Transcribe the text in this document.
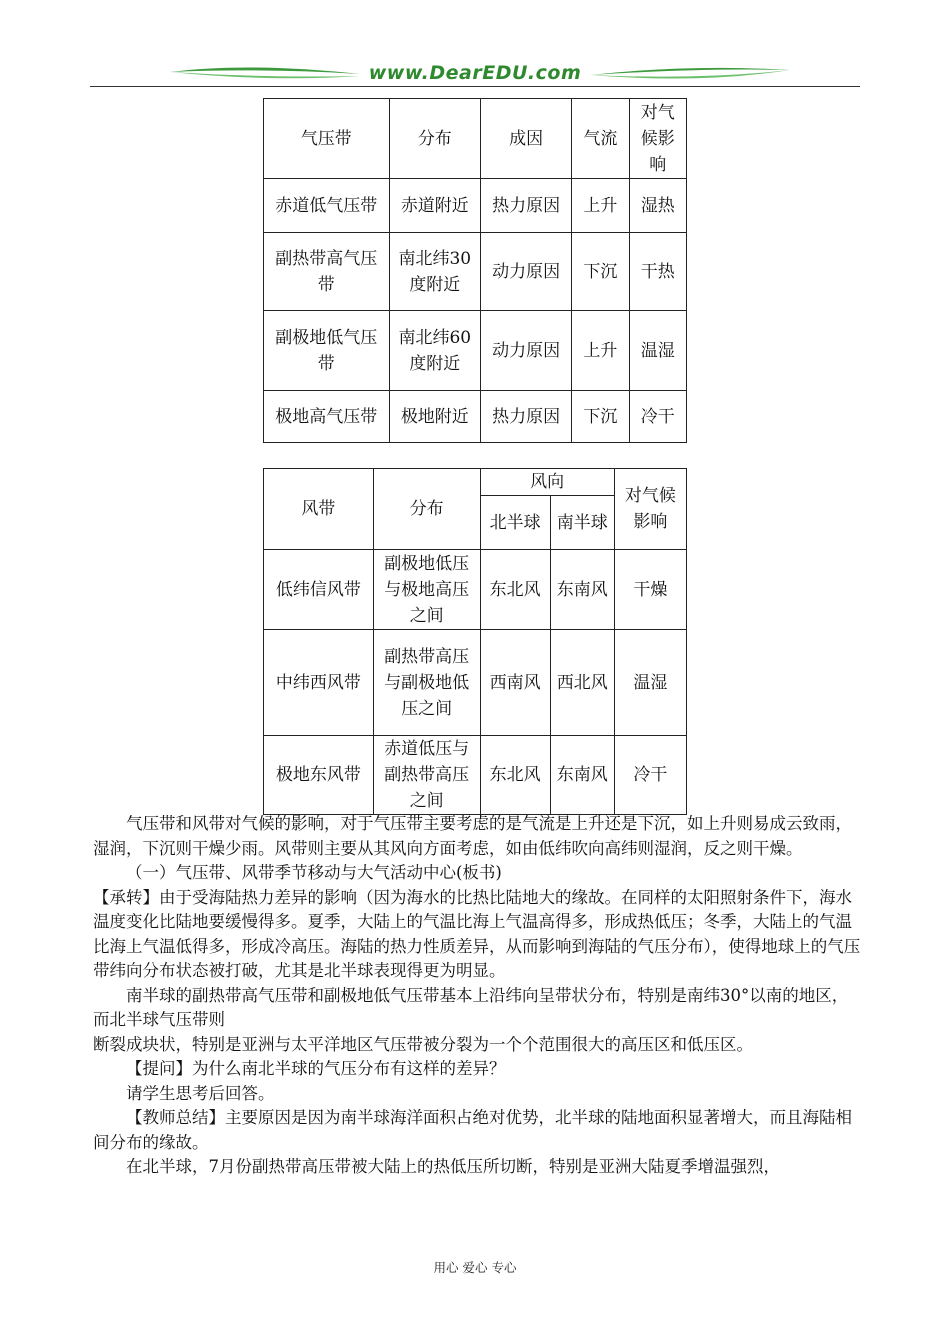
www.DearEDU.com
气压带	分布	成因	气流	对气候影响
赤道低气压带	赤道附近	热力原因	上升	湿热
副热带高气压带	南北纬30度附近	动力原因	下沉	干热
副极地低气压带	南北纬60度附近	动力原因	上升	温湿
极地高气压带	极地附近	热力原因	下沉	冷干
风带	分布	风向		对气候影响
		北半球	南半球	
低纬信风带	副极地低压与极地高压之间	东北风	东南风	干燥
中纬西风带	副热带高压与副极地低压之间	西南风	西北风	温湿
极地东风带	赤道低压与副热带高压之间	东北风	东南风	冷干

气压带和风带对气候的影响，对于气压带主要考虑的是气流是上升还是下沉，如上升则易成云致雨，湿润，下沉则干燥少雨。风带则主要从其风向方面考虑，如由低纬吹向高纬则湿润，反之则干燥。

（一）气压带、风带季节移动与大气活动中心(板书)

【承转】由于受海陆热力差异的影响（因为海水的比热比陆地大的缘故。在同样的太阳照射条件下，海水温度变化比陆地要缓慢得多。夏季，大陆上的气温比海上气温高得多，形成热低压；冬季，大陆上的气温比海上气温低得多，形成冷高压。海陆的热力性质差异，从而影响到海陆的气压分布），使得地球上的气压带纬向分布状态被打破，尤其是北半球表现得更为明显。

南半球的副热带高气压带和副极地低气压带基本上沿纬向呈带状分布，特别是南纬30°以南的地区，而北半球气压带则

断裂成块状，特别是亚洲与太平洋地区气压带被分裂为一个个范围很大的高压区和低压区。

【提问】为什么南北半球的气压分布有这样的差异？

请学生思考后回答。

【教师总结】主要原因是因为南半球海洋面积占绝对优势，北半球的陆地面积显著增大，而且海陆相间分布的缘故。

在北半球，7月份副热带高压带被大陆上的热低压所切断，特别是亚洲大陆夏季增温强烈，

用心 爱心 专心
